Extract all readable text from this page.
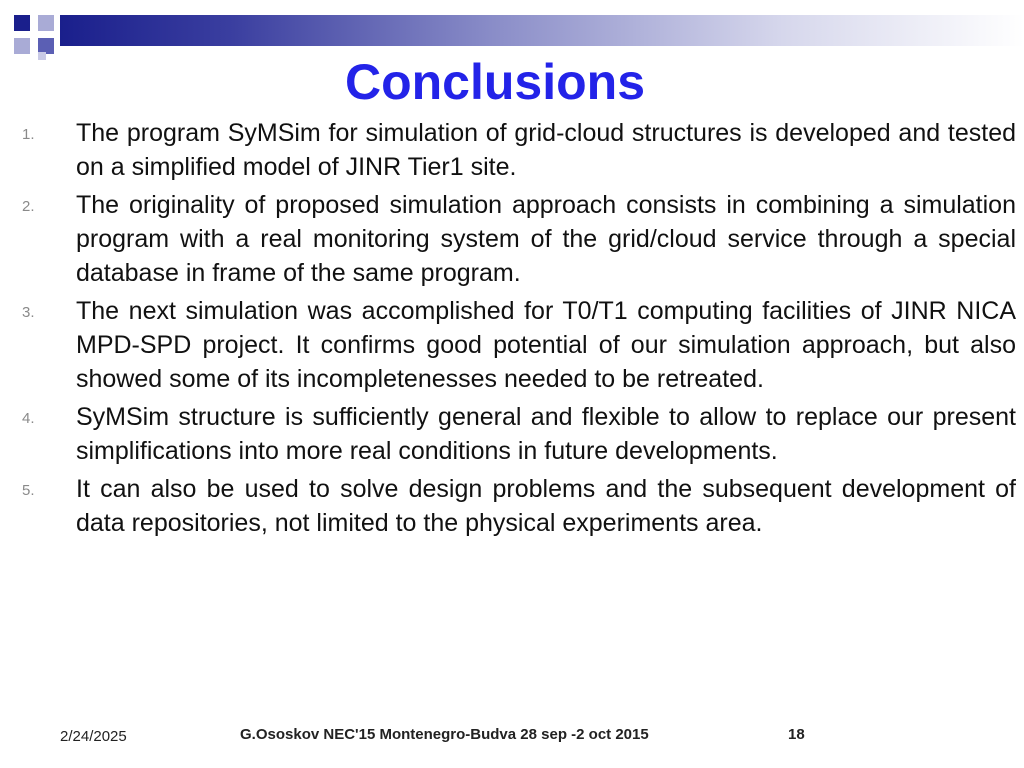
Conclusions
1.	The program SyMSim for simulation of grid-cloud structures is developed and tested on a simplified model of JINR Tier1 site.
2.	The originality of proposed simulation approach consists in combining a simulation program with a real monitoring system of the grid/cloud service through a special database in frame of the same program.
3.	The next simulation was accomplished for T0/T1 computing facilities of JINR NICA MPD-SPD project. It confirms good potential of our simulation approach, but also showed some of its incompletenesses needed to be retreated.
4.	SyMSim structure is sufficiently general and flexible to allow to replace our present simplifications into more real conditions in future developments.
5.	It can also be used to solve design problems and the subsequent development of data repositories, not limited to the physical experiments area.
2/24/2025	G.Ososkov NEC'15 Montenegro-Budva 28 sep -2 oct 2015	18
